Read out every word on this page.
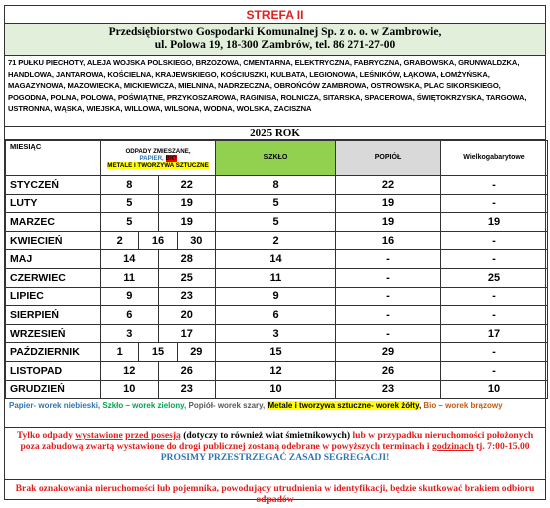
STREFA II
Przedsiębiorstwo Gospodarki Komunalnej Sp. z o. o. w Zambrowie,
ul. Polowa 19, 18-300 Zambrów, tel. 86 271-27-00
71 PUŁKU PIECHOTY, ALEJA WOJSKA POLSKIEGO, BRZOZOWA, CMENTARNA, ELEKTRYCZNA, FABRYCZNA, GRABOWSKA, GRUNWALDZKA, HANDLOWA, JANTAROWA, KOŚCIELNA, KRAJEWSKIEGO, KOŚCIUSZKI, KULBATA, LEGIONOWA, LEŚNIKÓW, ŁĄKOWA, ŁOMŻYŃSKA, MAGAZYNOWA, MAZOWIECKA, MICKIEWICZA, MIELNINA, NADRZECZNA, OBROŃCÓW ZAMBROWA, OSTROWSKA, PLAC SIKORSKIEGO, POGODNA, POLNA, POLOWA, POŚWIĄTNE, PRZYKOSZAROWA, RAGINISA, ROLNICZA, SITARSKA, SPACEROWA, ŚWIĘTOKRZYSKA, TARGOWA, USTRONNA, WĄSKA, WIEJSKA, WILLOWA, WILSONA, WODNA, WOLSKA, ZACISZNA
2025 ROK
MIESIĄC	ODPADY ZMIESZANE,
PAPIER, BIO
METALE I TWORZYWA SZTUCZNE	SZKŁO	POPIÓŁ	Wielkogabarytowe
STYCZEŃ	8 22	8	22	-
LUTY	5 19	5	19	-
MARZEC	5 19	5	19	19
KWIECIEŃ	2 16 30	2	16	-
MAJ	14 28	14	-	-
CZERWIEC	11 25	11	-	25
LIPIEC	9 23	9	-	-
SIERPIEŃ	6 20	6	-	-
WRZESIEŃ	3 17	3	-	17
PAŹDZIERNIK	1 15 29	15	29	-
LISTOPAD	12 26	12	26	-
GRUDZIEŃ	10 23	10	23	10
Papier- worek niebieski, Szkło – worek zielony, Popiół- worek szary, Metale i tworzywa sztuczne- worek żółty, Bio – worek brązowy
Tylko odpady wystawione przed posesją (dotyczy to również wiat śmietnikowych) lub w przypadku nieruchomości położonych poza zabudową zwartą wystawione do drogi publicznej zostaną odebrane w powyższych terminach i godzinach tj. 7:00-15.00
PROSIMY PRZESTRZEGAĆ ZASAD SEGREGACJI!
Brak oznakowania nieruchomości lub pojemnika, powodujący utrudnienia w identyfikacji, będzie skutkować brakiem odbioru odpadów
